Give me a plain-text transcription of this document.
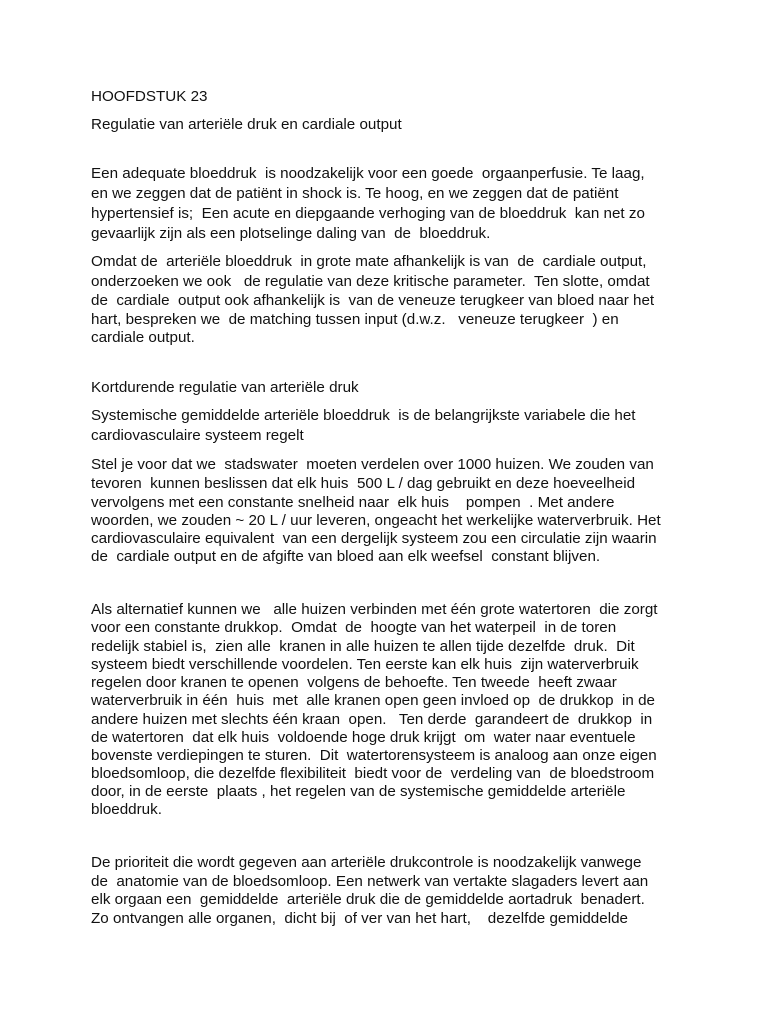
HOOFDSTUK 23

Regulatie van arteriële druk en cardiale output

Een adequate bloeddruk  is noodzakelijk voor een goede  orgaanperfusie. Te laag,

en we zeggen dat de patiënt in shock is. Te hoog, en we zeggen dat de patiënt

hypertensief is;  Een acute en diepgaande verhoging van de bloeddruk  kan net zo

gevaarlijk zijn als een plotselinge daling van  de  bloeddruk.

Omdat de  arteriële bloeddruk  in grote mate afhankelijk is van  de  cardiale output,

onderzoeken we ook   de regulatie van deze kritische parameter.  Ten slotte, omdat

de  cardiale  output ook afhankelijk is  van de veneuze terugkeer van bloed naar het

hart, bespreken we  de matching tussen input (d.w.z.   veneuze terugkeer  ) en

cardiale output.

Kortdurende regulatie van arteriële druk

Systemische gemiddelde arteriële bloeddruk  is de belangrijkste variabele die het

cardiovasculaire systeem regelt

Stel je voor dat we  stadswater  moeten verdelen over 1000 huizen. We zouden van

tevoren  kunnen beslissen dat elk huis  500 L / dag gebruikt en deze hoeveelheid

vervolgens met een constante snelheid naar  elk huis    pompen  . Met andere

woorden, we zouden ~ 20 L / uur leveren, ongeacht het werkelijke waterverbruik. Het

cardiovasculaire equivalent  van een dergelijk systeem zou een circulatie zijn waarin

de  cardiale output en de afgifte van bloed aan elk weefsel  constant blijven.

Als alternatief kunnen we   alle huizen verbinden met één grote watertoren  die zorgt

voor een constante drukkop.  Omdat  de  hoogte van het waterpeil  in de toren

redelijk stabiel is,  zien alle  kranen in alle huizen te allen tijde dezelfde  druk.  Dit

systeem biedt verschillende voordelen. Ten eerste kan elk huis  zijn waterverbruik

regelen door kranen te openen  volgens de behoefte. Ten tweede  heeft zwaar

waterverbruik in één  huis  met  alle kranen open geen invloed op  de drukkop  in de

andere huizen met slechts één kraan  open.   Ten derde  garandeert de  drukkop  in

de watertoren  dat elk huis  voldoende hoge druk krijgt  om  water naar eventuele

bovenste verdiepingen te sturen.  Dit  watertorensysteem is analoog aan onze eigen

bloedsomloop, die dezelfde flexibiliteit  biedt voor de  verdeling van  de bloedstroom

door, in de eerste  plaats , het regelen van de systemische gemiddelde arteriële

bloeddruk.

De prioriteit die wordt gegeven aan arteriële drukcontrole is noodzakelijk vanwege

de  anatomie van de bloedsomloop. Een netwerk van vertakte slagaders levert aan

elk orgaan een  gemiddelde  arteriële druk die de gemiddelde aortadruk  benadert.

Zo ontvangen alle organen,  dicht bij  of ver van het hart,    dezelfde gemiddelde
